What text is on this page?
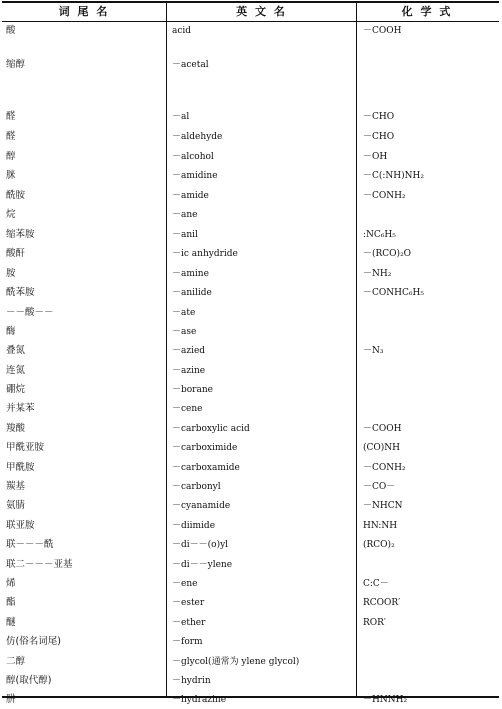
词 尾 名	英 文 名	化 学 式
酸	acid	－COOH
缩醇	－acetal
醛	－al	－CHO
醛	－aldehyde	－CHO
醇	－alcohol	－OH
脒	－amidine	－C(:NH)NH₂
酰胺	－amide	－CONH₂
烷	－ane
缩苯胺	－anil	:NC₆H₅
酸酐	－ic anhydride	－(RCO)₂O
胺	－amine	－NH₂
酰苯胺	－anilide	－CONHC₆H₅
－－酸－－	－ate
酶	－ase
叠氮	－azied	－N₃
连氮	－azine
硼烷	－borane
并某苯	－cene
羧酸	－carboxylic acid	－COOH
甲酰亚胺	－carboximide	(CO)NH
甲酰胺	－carboxamide	－CONH₂
羰基	－carbonyl	－CO－
氨腈	－cyanamide	－NHCN
联亚胺	－diimide	HN:NH
联－－－酰	－di－－(o)yl	(RCO)₂
联二－－－亚基	－di－－ylene
烯	－ene	C:C－
酯	－ester	RCOOR′
醚	－ether	ROR′
仿(俗名词尾)	－form
二醇	－glycol(通常为 ylene glycol)
醇(取代醇)	－hydrin
肼	－hydrazine	－HNNH₂
